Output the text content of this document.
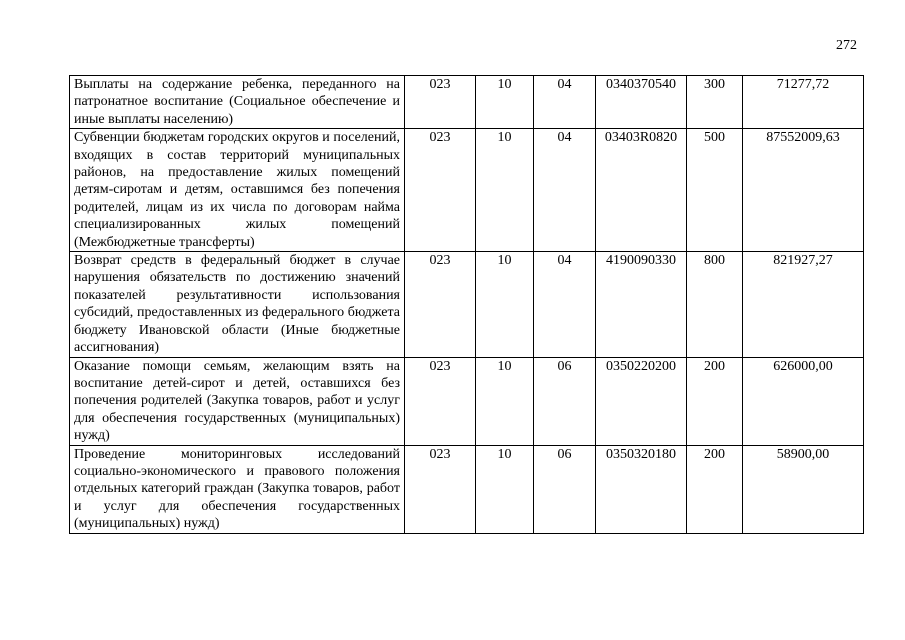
272
Выплаты на содержание ребенка, переданного на патронатное воспитание (Социальное обеспечение и иные выплаты населению)	023	10	04	0340370540	300	71277,72
Субвенции бюджетам городских округов и поселений, входящих в состав территорий муниципальных районов, на предоставление жилых помещений детям-сиротам и детям, оставшимся без попечения родителей, лицам из их числа по договорам найма специализированных жилых помещений (Межбюджетные трансферты)	023	10	04	03403R0820	500	87552009,63
Возврат средств в федеральный бюджет в случае нарушения обязательств по достижению значений показателей результативности использования субсидий, предоставленных из федерального бюджета бюджету Ивановской области (Иные бюджетные ассигнования)	023	10	04	4190090330	800	821927,27
Оказание помощи семьям, желающим взять на воспитание детей-сирот и детей, оставшихся без попечения родителей (Закупка товаров, работ и услуг для обеспечения государственных (муниципальных) нужд)	023	10	06	0350220200	200	626000,00
Проведение мониторинговых исследований социально-экономического и правового положения отдельных категорий граждан (Закупка товаров, работ и услуг для обеспечения государственных (муниципальных) нужд)	023	10	06	0350320180	200	58900,00
